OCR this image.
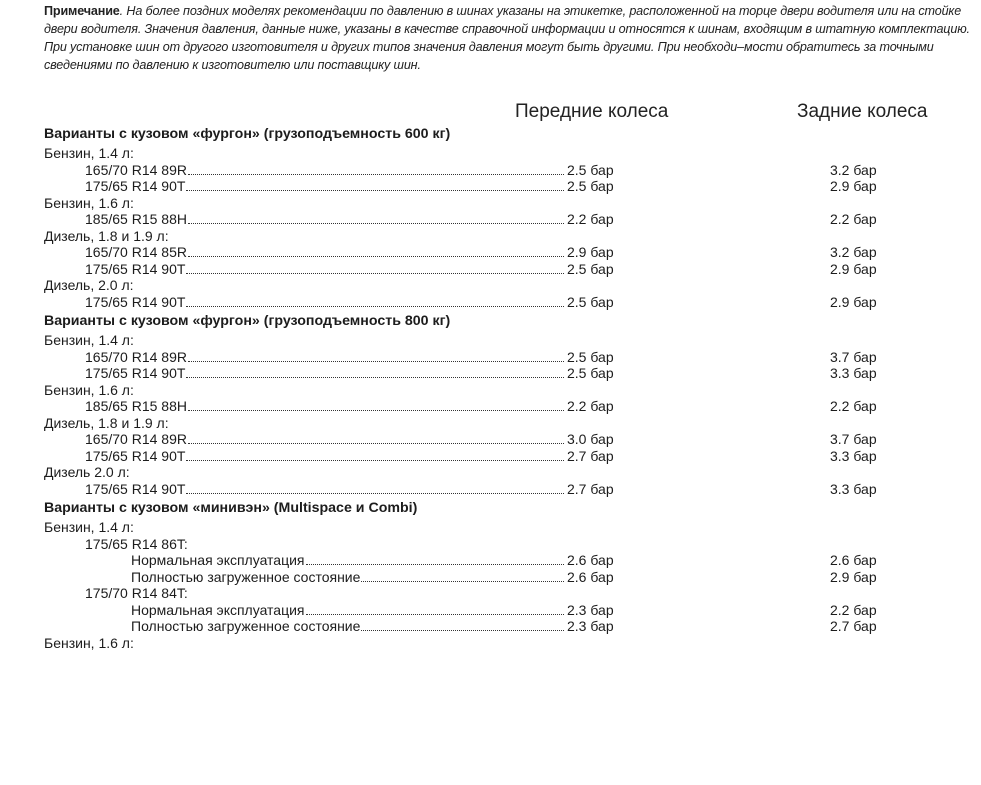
Примечание. На более поздних моделях рекомендации по давлению в шинах указаны на этикетке, расположенной на торце двери водителя или на стойке двери водителя. Значения давления, данные ниже, указаны в качестве справочной информации и относятся к шинам, входящим в штатную комплектацию. При установке шин от другого изготовителя и других типов значения давления могут быть другими. При необходи–мости обратитесь за точными сведениями по давлению к изготовителю или поставщику шин.
Передние колеса	Задние колеса
Варианты с кузовом «фургон» (грузоподъемность 600 кг)
Бензин, 1.4 л:
165/70 R14 89R	2.5 бар	3.2 бар
175/65 R14 90T	2.5 бар	2.9 бар
Бензин, 1.6 л:
185/65 R15 88H	2.2 бар	2.2 бар
Дизель, 1.8 и 1.9 л:
165/70 R14 85R	2.9 бар	3.2 бар
175/65 R14 90T	2.5 бар	2.9 бар
Дизель, 2.0 л:
175/65 R14 90T	2.5 бар	2.9 бар
Варианты с кузовом «фургон» (грузоподъемность 800 кг)
Бензин, 1.4 л:
165/70 R14 89R	2.5 бар	3.7 бар
175/65 R14 90T	2.5 бар	3.3 бар
Бензин, 1.6 л:
185/65 R15 88H	2.2 бар	2.2 бар
Дизель, 1.8 и 1.9 л:
165/70 R14 89R	3.0 бар	3.7 бар
175/65 R14 90T	2.7 бар	3.3 бар
Дизель 2.0 л:
175/65 R14 90T	2.7 бар	3.3 бар
Варианты с кузовом «минивэн» (Multispace и Combi)
Бензин, 1.4 л:
175/65 R14 86T:
Нормальная эксплуатация	2.6 бар	2.6 бар
Полностью загруженное состояние	2.6 бар	2.9 бар
175/70 R14 84T:
Нормальная эксплуатация	2.3 бар	2.2 бар
Полностью загруженное состояние	2.3 бар	2.7 бар
Бензин, 1.6 л:
